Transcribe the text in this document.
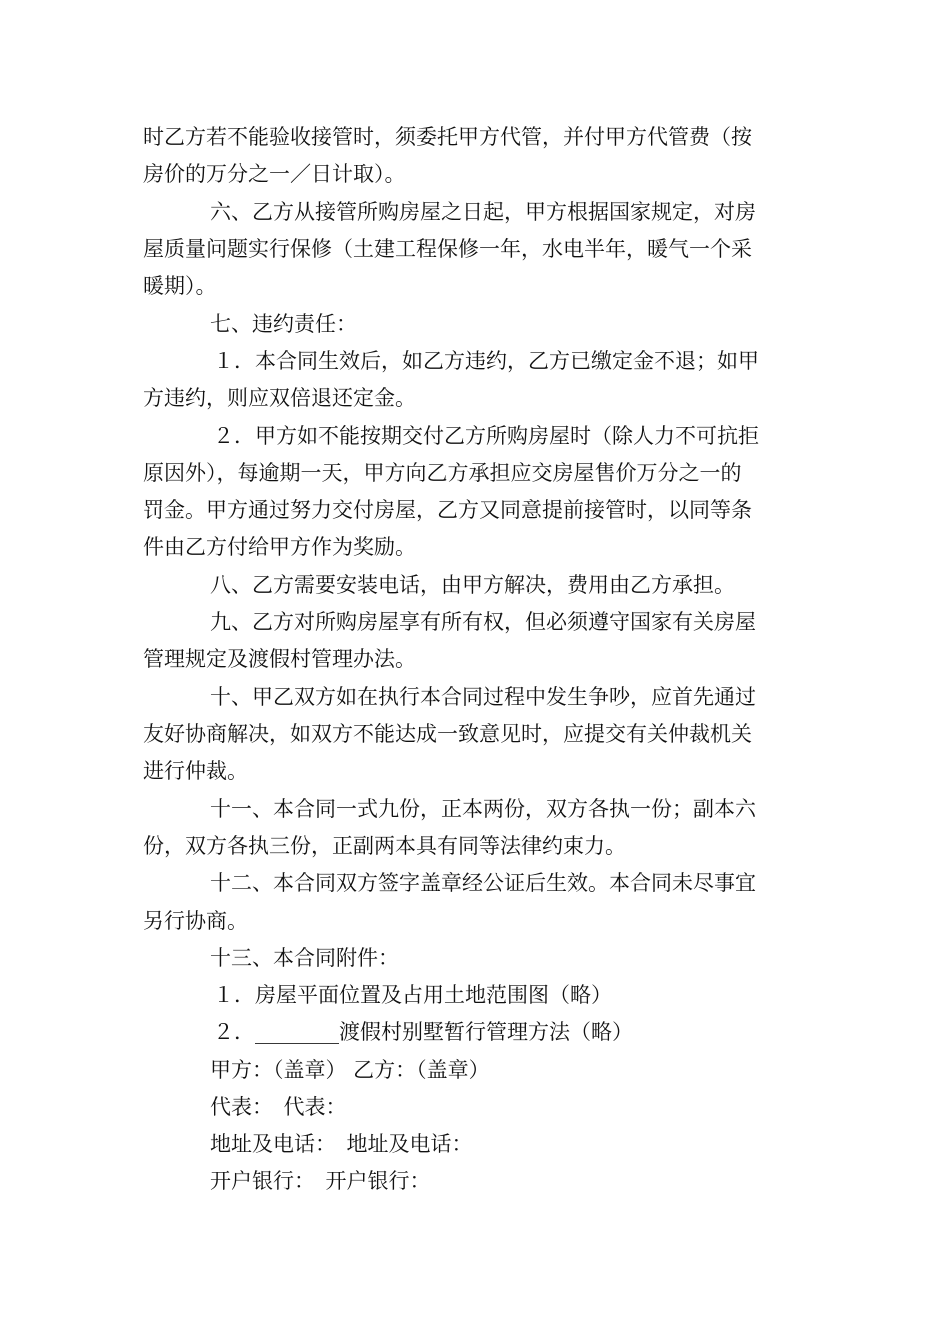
时乙方若不能验收接管时，须委托甲方代管，并付甲方代管费（按
房价的万分之一／日计取）。
六、乙方从接管所购房屋之日起，甲方根据国家规定，对房
屋质量问题实行保修（土建工程保修一年，水电半年，暖气一个采
暖期）。
七、违约责任：
１．本合同生效后，如乙方违约，乙方已缴定金不退；如甲
方违约，则应双倍退还定金。
２．甲方如不能按期交付乙方所购房屋时（除人力不可抗拒
原因外），每逾期一天，甲方向乙方承担应交房屋售价万分之一的
罚金。甲方通过努力交付房屋，乙方又同意提前接管时，以同等条
件由乙方付给甲方作为奖励。
八、乙方需要安装电话，由甲方解决，费用由乙方承担。
九、乙方对所购房屋享有所有权，但必须遵守国家有关房屋
管理规定及渡假村管理办法。
十、甲乙双方如在执行本合同过程中发生争吵，应首先通过
友好协商解决，如双方不能达成一致意见时，应提交有关仲裁机关
进行仲裁。
十一、本合同一式九份，正本两份，双方各执一份；副本六
份，双方各执三份，正副两本具有同等法律约束力。
十二、本合同双方签字盖章经公证后生效。本合同未尽事宜
另行协商。
十三、本合同附件：
１．房屋平面位置及占用土地范围图（略）
２．________渡假村别墅暂行管理方法（略）
甲方：（盖章） 乙方：（盖章）
代表：　代表：
地址及电话：　地址及电话：
开户银行：　开户银行：
